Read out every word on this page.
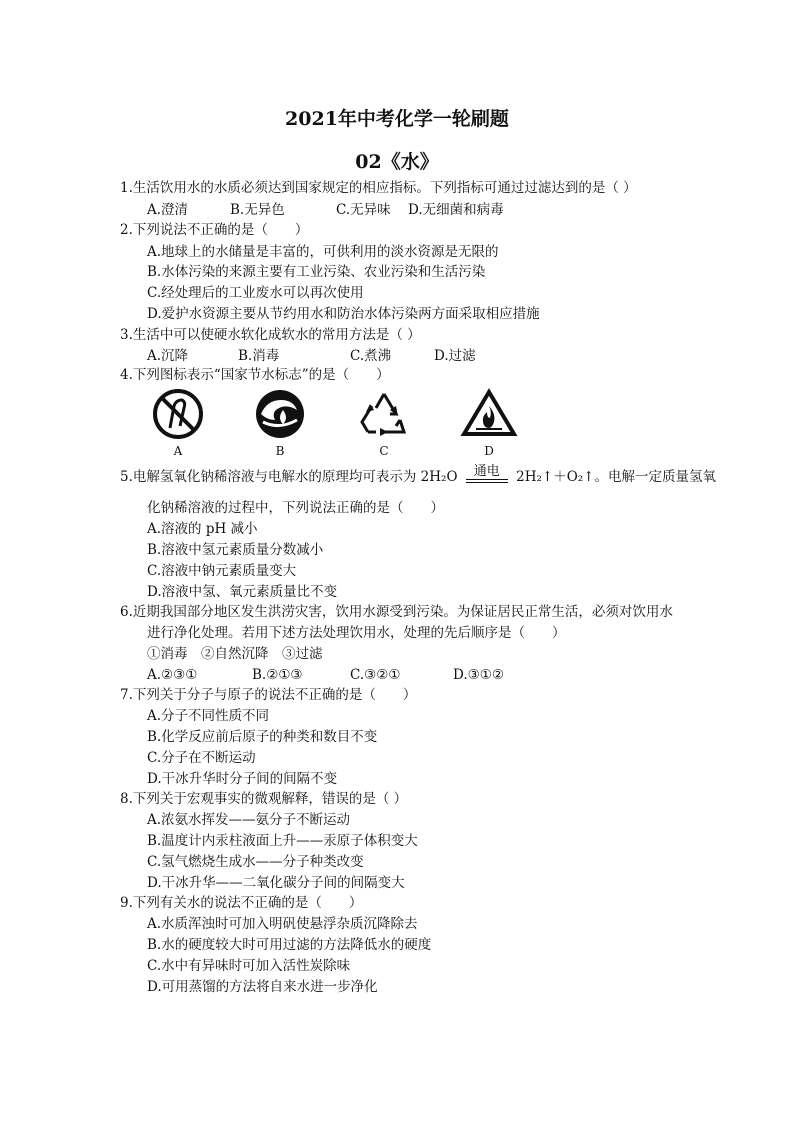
2021年中考化学一轮刷题
02《水》
1.生活饮用水的水质必须达到国家规定的相应指标。下列指标可通过过滤达到的是（ ）
A.澄清	B.无异色	C.无异味 D.无细菌和病毒
2.下列说法不正确的是（　　）
A.地球上的水储量是丰富的，可供利用的淡水资源是无限的
B.水体污染的来源主要有工业污染、农业污染和生活污染
C.经处理后的工业废水可以再次使用
D.爱护水资源主要从节约用水和防治水体污染两方面采取相应措施
3.生活中可以使硬水软化成软水的常用方法是（ ）
A.沉降	B.消毒	C.煮沸	D.过滤
4.下列图标表示“国家节水标志”的是（　　）
A	B	C	D
5.电解氢氧化钠稀溶液与电解水的原理均可表示为 2H₂O	通电	2H₂↑＋O₂↑。电解一定质量氢氧
化钠稀溶液的过程中，下列说法正确的是（　　）
A.溶液的 pH 减小
B.溶液中氢元素质量分数减小
C.溶液中钠元素质量变大
D.溶液中氢、氧元素质量比不变
6.近期我国部分地区发生洪涝灾害，饮用水源受到污染。为保证居民正常生活，必须对饮用水
进行净化处理。若用下述方法处理饮用水，处理的先后顺序是（　　）
①消毒　②自然沉降　③过滤
A.②③①	B.②①③	C.③②①	D.③①②
7.下列关于分子与原子的说法不正确的是（　　）
A.分子不同性质不同
B.化学反应前后原子的种类和数目不变
C.分子在不断运动
D.干冰升华时分子间的间隔不变
8.下列关于宏观事实的微观解释，错误的是（ ）
A.浓氨水挥发——氨分子不断运动
B.温度计内汞柱液面上升——汞原子体积变大
C.氢气燃烧生成水——分子种类改变
D.干冰升华——二氧化碳分子间的间隔变大
9.下列有关水的说法不正确的是（　　）
A.水质浑浊时可加入明矾使悬浮杂质沉降除去
B.水的硬度较大时可用过滤的方法降低水的硬度
C.水中有异味时可加入活性炭除味
D.可用蒸馏的方法将自来水进一步净化
